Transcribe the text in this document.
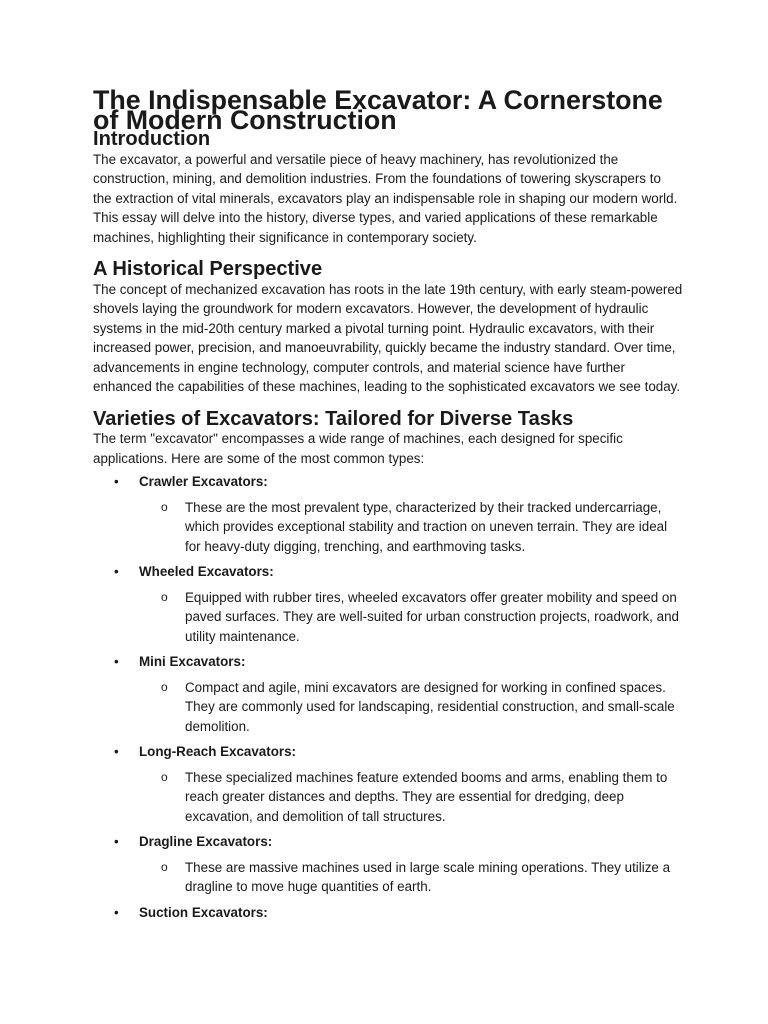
The Indispensable Excavator: A Cornerstone of Modern Construction
Introduction

The excavator, a powerful and versatile piece of heavy machinery, has revolutionized the construction, mining, and demolition industries. From the foundations of towering skyscrapers to the extraction of vital minerals, excavators play an indispensable role in shaping our modern world. This essay will delve into the history, diverse types, and varied applications of these remarkable machines, highlighting their significance in contemporary society.

A Historical Perspective

The concept of mechanized excavation has roots in the late 19th century, with early steam-powered shovels laying the groundwork for modern excavators. However, the development of hydraulic systems in the mid-20th century marked a pivotal turning point. Hydraulic excavators, with their increased power, precision, and manoeuvrability, quickly became the industry standard. Over time, advancements in engine technology, computer controls, and material science have further enhanced the capabilities of these machines, leading to the sophisticated excavators we see today.

Varieties of Excavators: Tailored for Diverse Tasks

The term "excavator" encompasses a wide range of machines, each designed for specific applications. Here are some of the most common types:

• Crawler Excavators:
o These are the most prevalent type, characterized by their tracked undercarriage, which provides exceptional stability and traction on uneven terrain. They are ideal for heavy-duty digging, trenching, and earthmoving tasks.
• Wheeled Excavators:
o Equipped with rubber tires, wheeled excavators offer greater mobility and speed on paved surfaces. They are well-suited for urban construction projects, roadwork, and utility maintenance.
• Mini Excavators:
o Compact and agile, mini excavators are designed for working in confined spaces. They are commonly used for landscaping, residential construction, and small-scale demolition.
• Long-Reach Excavators:
o These specialized machines feature extended booms and arms, enabling them to reach greater distances and depths. They are essential for dredging, deep excavation, and demolition of tall structures.
• Dragline Excavators:
o These are massive machines used in large scale mining operations. They utilize a dragline to move huge quantities of earth.
• Suction Excavators:
